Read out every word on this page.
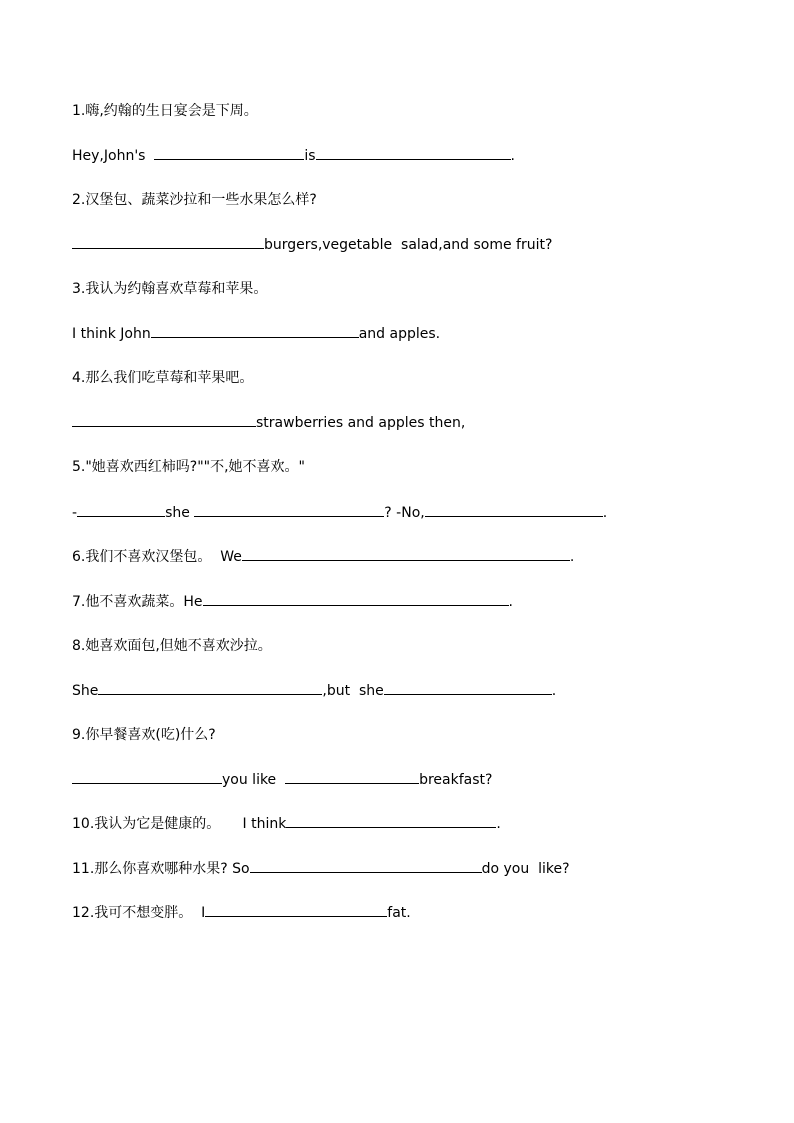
1.嗨,约翰的生日宴会是下周。
Hey,John's	is	.
2.汉堡包、蔬菜沙拉和一些水果怎么样?
burgers,vegetable  salad,and some fruit?
3.我认为约翰喜欢草莓和苹果。
I think John	and apples.
4.那么我们吃草莓和苹果吧。
strawberries and apples then,
5."她喜欢西红柿吗?""不,她不喜欢。"
-	she	? -No,	.
6.我们不喜欢汉堡包。  We	.
7.他不喜欢蔬菜。He	.
8.她喜欢面包,但她不喜欢沙拉。
She	,but  she	.
9.你早餐喜欢(吃)什么?
you like	breakfast?
10.我认为它是健康的。     I think	.
11.那么你喜欢哪种水果? So	do you  like?
12.我可不想变胖。  I	fat.
